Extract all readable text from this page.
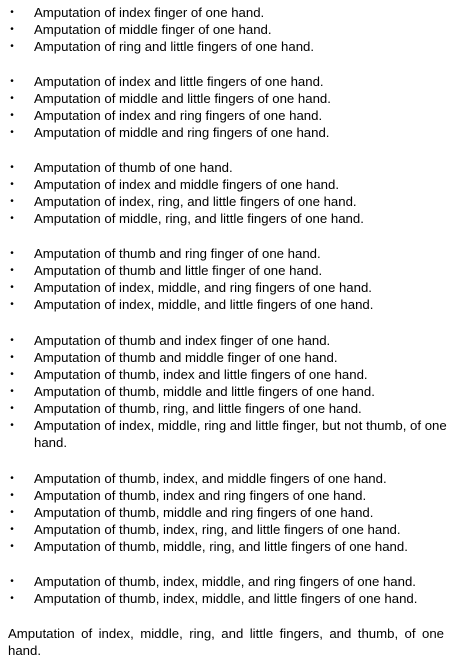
• Amputation of index finger of one hand.
• Amputation of middle finger of one hand.
• Amputation of ring and little fingers of one hand.
• Amputation of index and little fingers of one hand.
• Amputation of middle and little fingers of one hand.
• Amputation of index and ring fingers of one hand.
• Amputation of middle and ring fingers of one hand.
• Amputation of thumb of one hand.
• Amputation of index and middle fingers of one hand.
• Amputation of index, ring, and little fingers of one hand.
• Amputation of middle, ring, and little fingers of one hand.
• Amputation of thumb and ring finger of one hand.
• Amputation of thumb and little finger of one hand.
• Amputation of index, middle, and ring fingers of one hand.
• Amputation of index, middle, and little fingers of one hand.
• Amputation of thumb and index finger of one hand.
• Amputation of thumb and middle finger of one hand.
• Amputation of thumb, index and little fingers of one hand.
• Amputation of thumb, middle and little fingers of one hand.
• Amputation of thumb, ring, and little fingers of one hand.
• Amputation of index, middle, ring and little finger, but not thumb, of one hand.
• Amputation of thumb, index, and middle fingers of one hand.
• Amputation of thumb, index and ring fingers of one hand.
• Amputation of thumb, middle and ring fingers of one hand.
• Amputation of thumb, index, ring, and little fingers of one hand.
• Amputation of thumb, middle, ring, and little fingers of one hand.
• Amputation of thumb, index, middle, and ring fingers of one hand.
• Amputation of thumb, index, middle, and little fingers of one hand.

Amputation of index, middle, ring, and little fingers, and thumb, of one hand.
